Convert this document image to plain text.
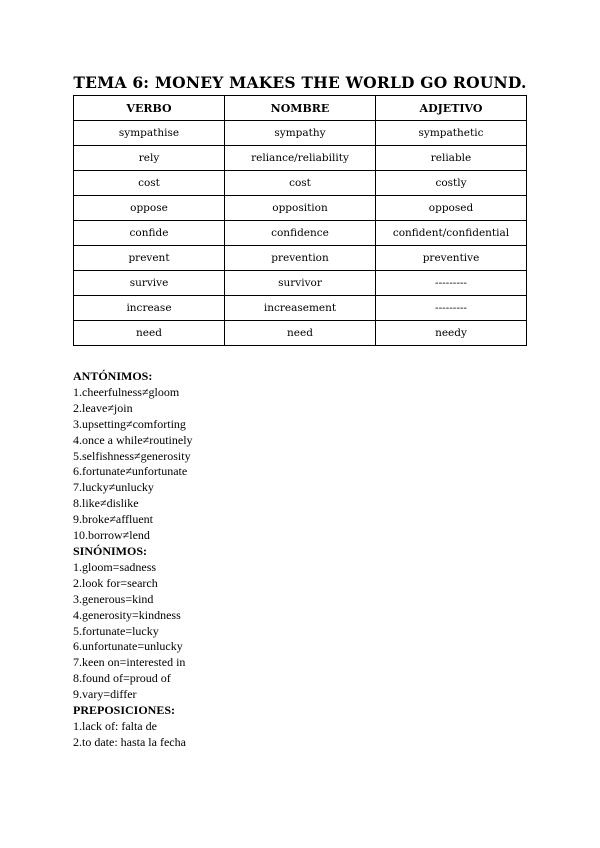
TEMA 6: MONEY MAKES THE WORLD GO ROUND.
VERBO	NOMBRE	ADJETIVO
sympathise	sympathy	sympathetic
rely	reliance/reliability	reliable
cost	cost	costly
oppose	opposition	opposed
confide	confidence	confident/confidential
prevent	prevention	preventive
survive	survivor	---------
increase	increasement	---------
need	need	needy
ANTÓNIMOS:
1.cheerfulness≠gloom
2.leave≠join
3.upsetting≠comforting
4.once a while≠routinely
5.selfishness≠generosity
6.fortunate≠unfortunate
7.lucky≠unlucky
8.like≠dislike
9.broke≠affluent
10.borrow≠lend
SINÓNIMOS:
1.gloom=sadness
2.look for=search
3.generous=kind
4.generosity=kindness
5.fortunate=lucky
6.unfortunate=unlucky
7.keen on=interested in
8.found of=proud of
9.vary=differ
PREPOSICIONES:
1.lack of: falta de
2.to date: hasta la fecha
